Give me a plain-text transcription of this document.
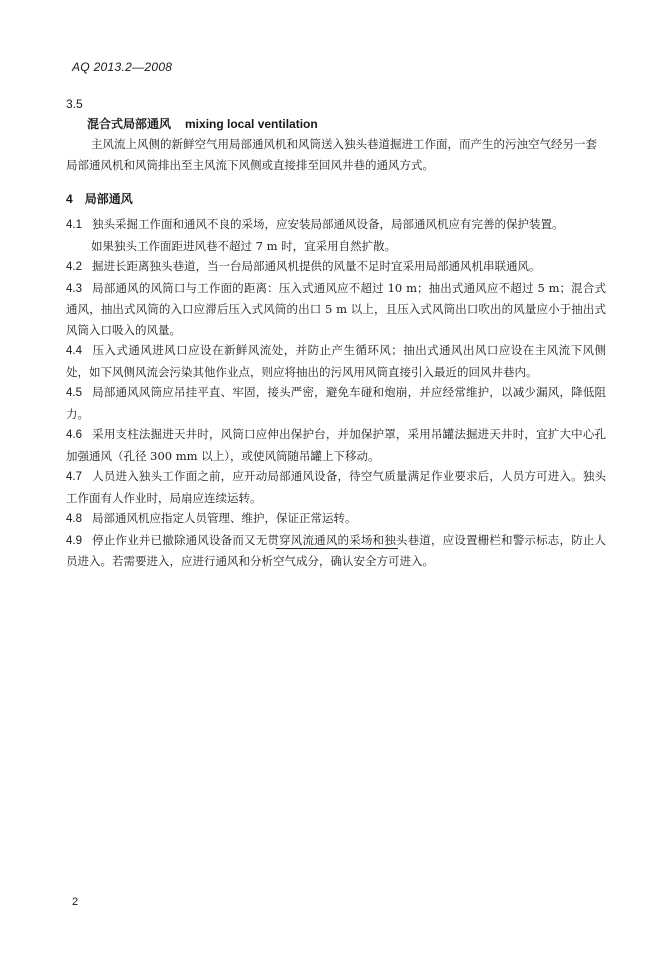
AQ 2013.2—2008
3.5
混合式局部通风 mixing local ventilation
主风流上风侧的新鲜空气用局部通风机和风筒送入独头巷道掘进工作面，而产生的污浊空气经另一套局部通风机和风筒排出至主风流下风侧或直接排至回风井巷的通风方式。
4 局部通风
4.1 独头采掘工作面和通风不良的采场，应安装局部通风设备，局部通风机应有完善的保护装置。
如果独头工作面距进风巷不超过 7 m 时，宜采用自然扩散。
4.2 掘进长距离独头巷道，当一台局部通风机提供的风量不足时宜采用局部通风机串联通风。
4.3 局部通风的风筒口与工作面的距离：压入式通风应不超过 10 m；抽出式通风应不超过 5 m；混合式通风，抽出式风筒的入口应滞后压入式风筒的出口 5 m 以上，且压入式风筒出口吹出的风量应小于抽出式风筒入口吸入的风量。
4.4 压入式通风进风口应设在新鲜风流处，并防止产生循环风；抽出式通风出风口应设在主风流下风侧处，如下风侧风流会污染其他作业点，则应将抽出的污风用风筒直接引入最近的回风井巷内。
4.5 局部通风风筒应吊挂平直、牢固，接头严密，避免车碰和炮崩，并应经常维护，以减少漏风，降低阻力。
4.6 采用支柱法掘进天井时，风筒口应伸出保护台，并加保护罩，采用吊罐法掘进天井时，宜扩大中心孔加强通风（孔径 300 mm 以上），或使风筒随吊罐上下移动。
4.7 人员进入独头工作面之前，应开动局部通风设备，待空气质量满足作业要求后，人员方可进入。独头工作面有人作业时，局扇应连续运转。
4.8 局部通风机应指定人员管理、维护，保证正常运转。
4.9 停止作业并已撤除通风设备而又无贯穿风流通风的采场和独头巷道，应设置栅栏和警示标志，防止人员进入。若需要进入，应进行通风和分析空气成分，确认安全方可进入。
2
